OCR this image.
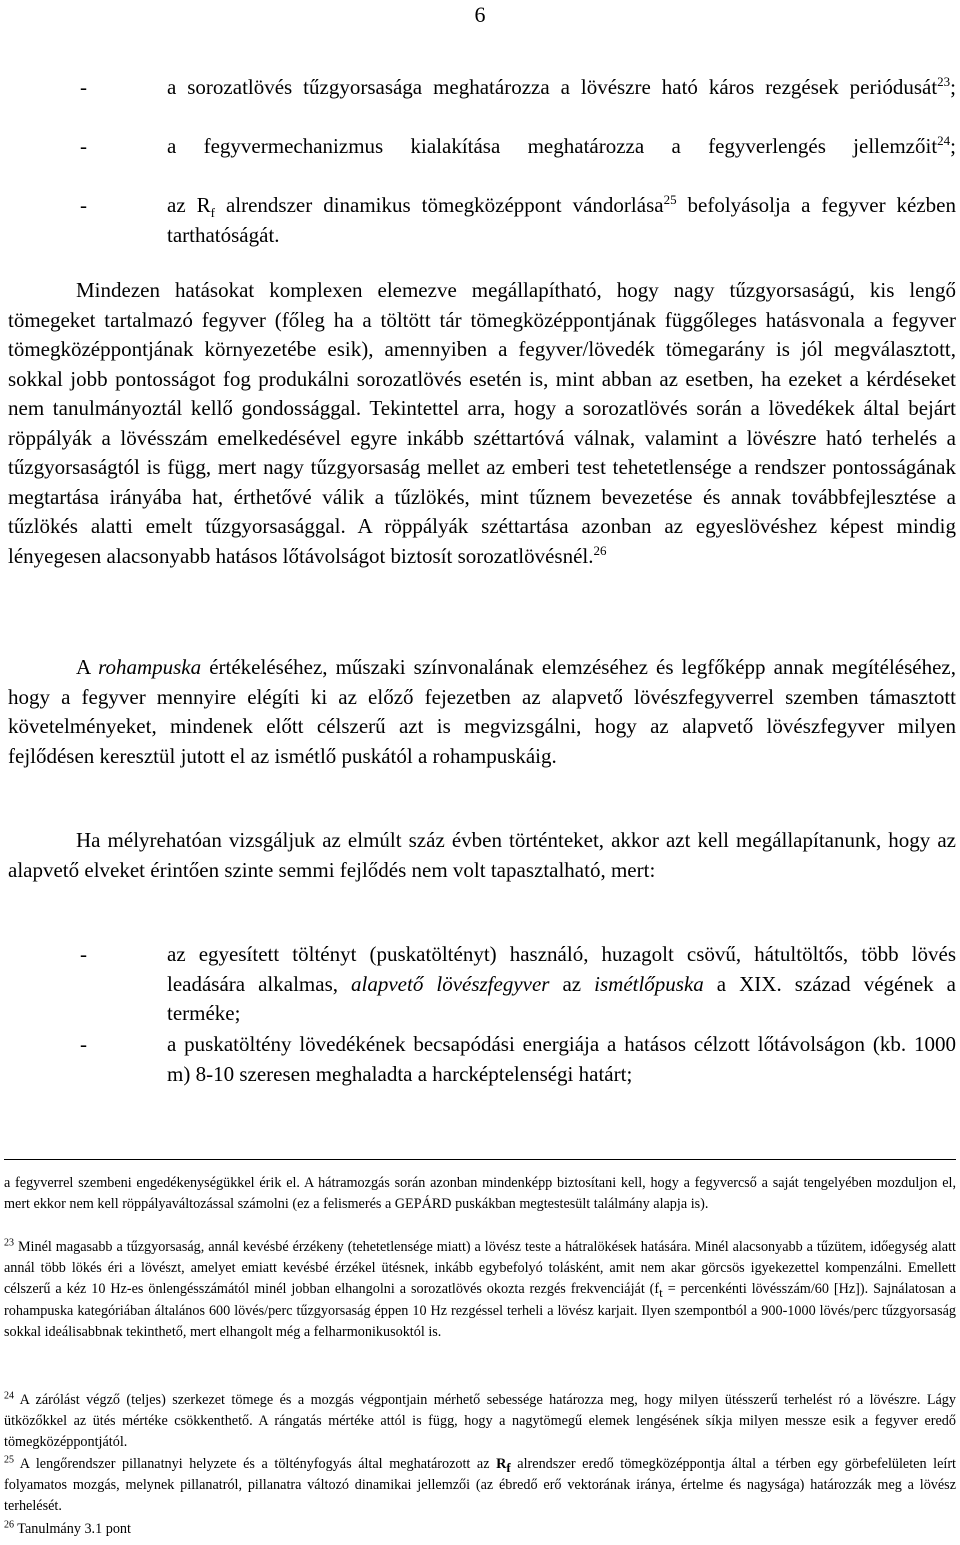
6
-	a sorozatlövés tűzgyorsasága meghatározza a lövészre ható káros rezgések periódusát$^{23}$;
-	a fegyvermechanizmus kialakítása meghatározza a fegyverlengés jellemzőit$^{24}$;
-	az $R_f$ alrendszer dinamikus tömegközéppont vándorlása$^{25}$ befolyásolja a fegyver kézben tarthatóságát.

Mindezen hatásokat komplexen elemezve megállapítható, hogy nagy tűzgyorsaságú, kis lengő tömegeket tartalmazó fegyver (főleg ha a töltött tár tömegközéppontjának függőleges hatásvonala a fegyver tömegközéppontjának környezetébe esik), amennyiben a fegyver/lövedék tömegarány is jól megválasztott, sokkal jobb pontosságot fog produkálni sorozatlövés esetén is, mint abban az esetben, ha ezeket a kérdéseket nem tanulmányoztál kellő gondossággal. Tekintettel arra, hogy a sorozatlövés során a lövedékek által bejárt röppályák a lövésszám emelkedésével egyre inkább széttartóvá válnak, valamint a lövészre ható terhelés a tűzgyorsaságtól is függ, mert nagy tűzgyorsaság mellet az emberi test tehetetlensége a rendszer pontosságának megtartása irányába hat, érthetővé válik a tűzlökés, mint tűznem bevezetése és annak továbbfejlesztése a tűzlökés alatti emelt tűzgyorsasággal. A röppályák széttartása azonban az egyeslövéshez képest mindig lényegesen alacsonyabb hatásos lőtávolságot biztosít sorozatlövésnél.$^{26}$

A rohampuska értékeléséhez, műszaki színvonalának elemzéséhez és legfőképp annak megítéléséhez, hogy a fegyver mennyire elégíti ki az előző fejezetben az alapvető lövészfegyverrel szemben támasztott követelményeket, mindenek előtt célszerű azt is megvizsgálni, hogy az alapvető lövészfegyver milyen fejlődésen keresztül jutott el az ismétlő puskától a rohampuskáig.

Ha mélyrehatóan vizsgáljuk az elmúlt száz évben történteket, akkor azt kell megállapítanunk, hogy az alapvető elveket érintően szinte semmi fejlődés nem volt tapasztalható, mert:

-	az egyesített töltényt (puskatöltényt) használó, huzagolt csövű, hátultöltős, több lövés leadására alkalmas, alapvető lövészfegyver az ismétlőpuska a XIX. század végének a terméke;
-	a puskatöltény lövedékének becsapódási energiája a hatásos célzott lőtávolságon (kb. 1000 m) 8-10 szeresen meghaladta a harcképtelenségi határt;

a fegyverrel szembeni engedékenységükkel érik el. A hátramozgás során azonban mindenképp biztosítani kell, hogy a fegyvercső a saját tengelyében mozduljon el, mert ekkor nem kell röppályaváltozással számolni (ez a felismerés a GEPÁRD puskákban megtestesült találmány alapja is).

$^{23}$ Minél magasabb a tűzgyorsaság, annál kevésbé érzékeny (tehetetlensége miatt) a lövész teste a hátralökések hatására. Minél alacsonyabb a tűzütem, időegység alatt annál több lökés éri a lövészt, amelyet emiatt kevésbé érzékel ütésnek, inkább egybefolyó tolásként, amit nem akar görcsös igyekezettel kompenzálni. Emellett célszerű a kéz 10 Hz-es önlengésszámától minél jobban elhangolni a sorozatlövés okozta rezgés frekvenciáját ($f_t$ = percenkénti lövésszám/60 [Hz]). Sajnálatosan a rohampuska kategóriában általános 600 lövés/perc tűzgyorsaság éppen 10 Hz rezgéssel terheli a lövész karjait. Ilyen szempontból a 900-1000 lövés/perc tűzgyorsaság sokkal ideálisabbnak tekinthető, mert elhangolt még a felharmonikusoktól is.

$^{24}$ A zárólást végző (teljes) szerkezet tömege és a mozgás végpontjain mérhető sebessége határozza meg, hogy milyen ütésszerű terhelést ró a lövészre. Lágy ütközőkkel az ütés mértéke csökkenthető. A rángatás mértéke attól is függ, hogy a nagytömegű elemek lengésének síkja milyen messze esik a fegyver eredő tömegközéppontjától.

$^{25}$ A lengőrendszer pillanatnyi helyzete és a töltényfogyás által meghatározott az $R_f$ alrendszer eredő tömegközéppontja által a térben egy görbefelületen leírt folyamatos mozgás, melynek pillanatról, pillanatra változó dinamikai jellemzői (az ébredő erő vektorának iránya, értelme és nagysága) határozzák meg a lövész terhelését.

$^{26}$ Tanulmány 3.1 pont
